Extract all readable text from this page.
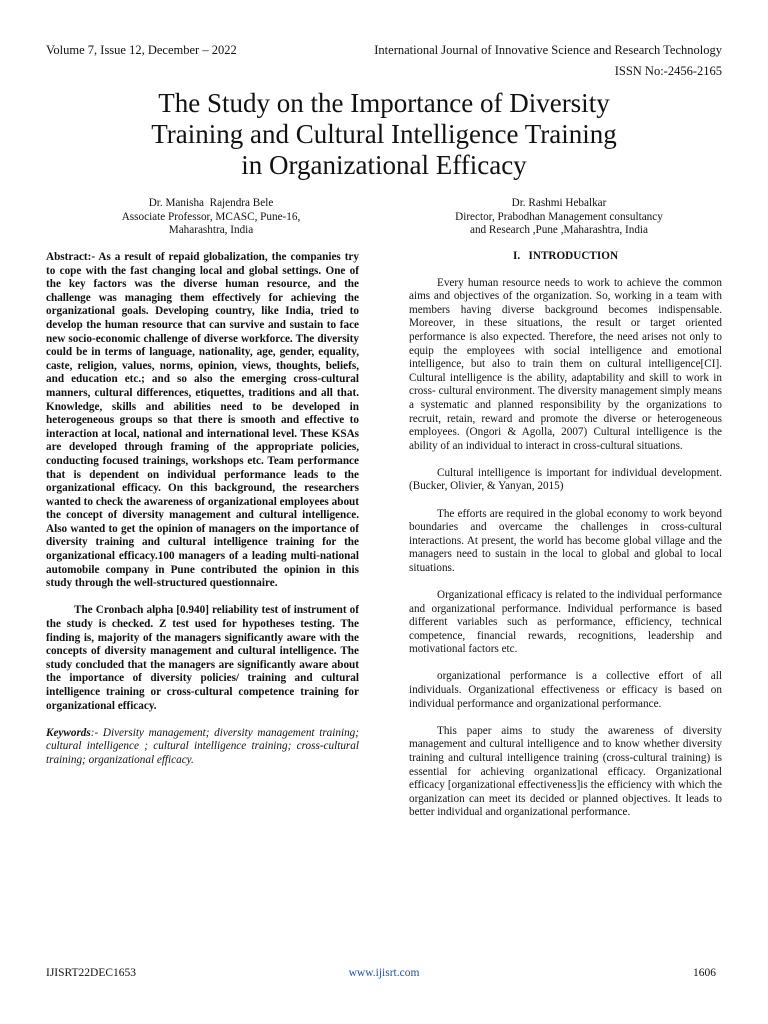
Volume 7, Issue 12, December – 2022	International Journal of Innovative Science and Research Technology
ISSN No:-2456-2165
The Study on the Importance of Diversity
Training and Cultural Intelligence Training
in Organizational Efficacy
Dr. Manisha  Rajendra Bele
Associate Professor, MCASC, Pune-16,
Maharashtra, India
Dr. Rashmi Hebalkar
Director, Prabodhan Management consultancy
and Research ,Pune ,Maharashtra, India

Abstract:- As a result of repaid globalization, the companies try to cope with the fast changing local and global settings. One of the key factors was the diverse human resource, and the challenge was managing them effectively for achieving the organizational goals. Developing country, like India, tried to develop the human resource that can survive and sustain to face new socio-economic challenge of diverse workforce. The diversity could be in terms of language, nationality, age, gender, equality, caste, religion, values, norms, opinion, views, thoughts, beliefs, and education etc.; and so also the emerging cross-cultural manners, cultural differences, etiquettes, traditions and all that. Knowledge, skills and abilities need to be developed in heterogeneous groups so that there is smooth and effective to interaction at local, national and international level. These KSAs are developed through framing of the appropriate policies, conducting focused trainings, workshops etc. Team performance that is dependent on individual performance leads to the organizational efficacy. On this background, the researchers wanted to check the awareness of organizational employees about the concept of diversity management and cultural intelligence. Also wanted to get the opinion of managers on the importance of diversity training and cultural intelligence training for the organizational efficacy.100 managers of a leading multi-national automobile company in Pune contributed the opinion in this study through the well-structured questionnaire.

The Cronbach alpha [0.940] reliability test of instrument of the study is checked. Z test used for hypotheses testing. The finding is, majority of the managers significantly aware with the concepts of diversity management and cultural intelligence. The study concluded that the managers are significantly aware about the importance of diversity policies/ training and cultural intelligence training or cross-cultural competence training for organizational efficacy.

Keywords:- Diversity management; diversity management training; cultural intelligence ; cultural intelligence training; cross-cultural training; organizational efficacy.

I.   INTRODUCTION

Every human resource needs to work to achieve the common aims and objectives of the organization. So, working in a team with members having diverse background becomes indispensable. Moreover, in these situations, the result or target oriented performance is also expected. Therefore, the need arises not only to equip the employees with social intelligence and emotional intelligence, but also to train them on cultural intelligence[CI]. Cultural intelligence is the ability, adaptability and skill to work in cross- cultural environment. The diversity management simply means a systematic and planned responsibility by the organizations to recruit, retain, reward and promote the diverse or heterogeneous employees. (Ongori & Agolla, 2007) Cultural intelligence is the ability of an individual to interact in cross-cultural situations.

Cultural intelligence is important for individual development. (Bucker, Olivier, & Yanyan, 2015)

The efforts are required in the global economy to work beyond boundaries and overcame the challenges in cross-cultural interactions. At present, the world has become global village and the managers need to sustain in the local to global and global to local situations.

Organizational efficacy is related to the individual performance and organizational performance. Individual performance is based different variables such as performance, efficiency, technical competence, financial rewards, recognitions, leadership and motivational factors etc.

organizational performance is a collective effort of all individuals. Organizational effectiveness or efficacy is based on individual performance and organizational performance.

This paper aims to study the awareness of diversity management and cultural intelligence and to know whether diversity training and cultural intelligence training (cross-cultural training) is essential for achieving organizational efficacy. Organizational efficacy [organizational effectiveness]is the efficiency with which the organization can meet its decided or planned objectives. It leads to better individual and organizational performance.

IJISRT22DEC1653	www.ijisrt.com	1606
